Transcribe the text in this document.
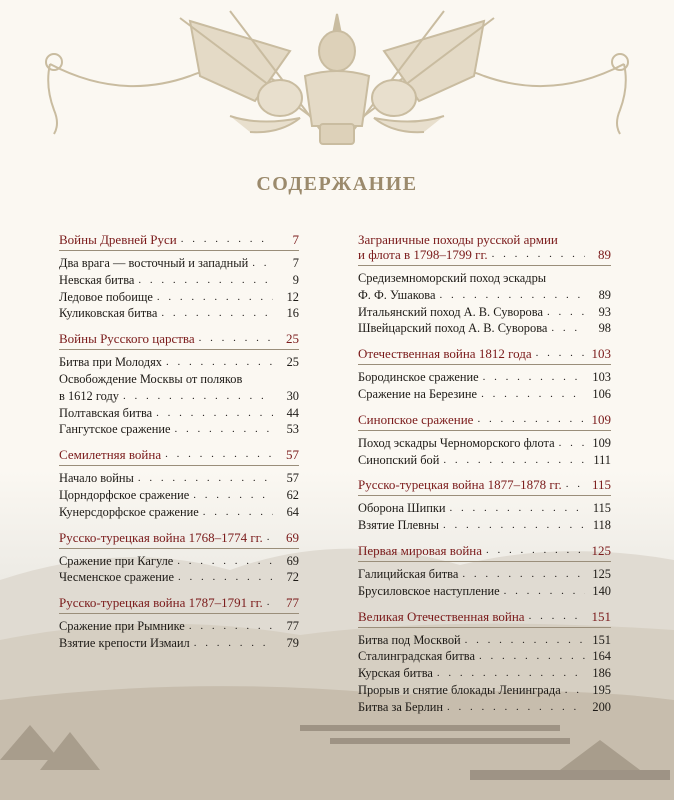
СОДЕРЖАНИЕ
Войны Древней Руси . . .	7
Два врага — восточный и западный . . .	7
Невская битва . . .	9
Ледовое побоище . . .	12
Куликовская битва . . .	16
Войны Русского царства . . .	25
Битва при Молодях . . .	25
Освобождение Москвы от поляков
в 1612 году . . .	30
Полтавская битва . . .	44
Гангутское сражение . . .	53
Семилетняя война . . .	57
Начало войны . . .	57
Цорндорфское сражение . . .	62
Кунерсдорфское сражение . . .	64
Русско-турецкая война 1768–1774 гг. . . .	69
Сражение при Кагуле . . .	69
Чесменское сражение . . .	72
Русско-турецкая война 1787–1791 гг. . . .	77
Сражение при Рымнике . . .	77
Взятие крепости Измаил . . .	79
Заграничные походы русской армии
и флота в 1798–1799 гг. . . .	89
Средиземноморский поход эскадры
Ф. Ф. Ушакова . . .	89
Итальянский поход А. В. Суворова . . .	93
Швейцарский поход А. В. Суворова . . .	98
Отечественная война 1812 года . . .	103
Бородинское сражение . . .	103
Сражение на Березине . . .	106
Синопское сражение . . .	109
Поход эскадры Черноморского флота . . .	109
Синопский бой . . .	111
Русско-турецкая война 1877–1878 гг. . . . 115
Оборона Шипки . . .	115
Взятие Плевны . . .	118
Первая мировая война . . .	125
Галицийская битва . . .	125
Брусиловское наступление . . .	140
Великая Отечественная война . . .	151
Битва под Москвой . . .	151
Сталинградская битва . . .	164
Курская битва . . .	186
Прорыв и снятие блокады Ленинграда . . .	195
Битва за Берлин . . .	200
